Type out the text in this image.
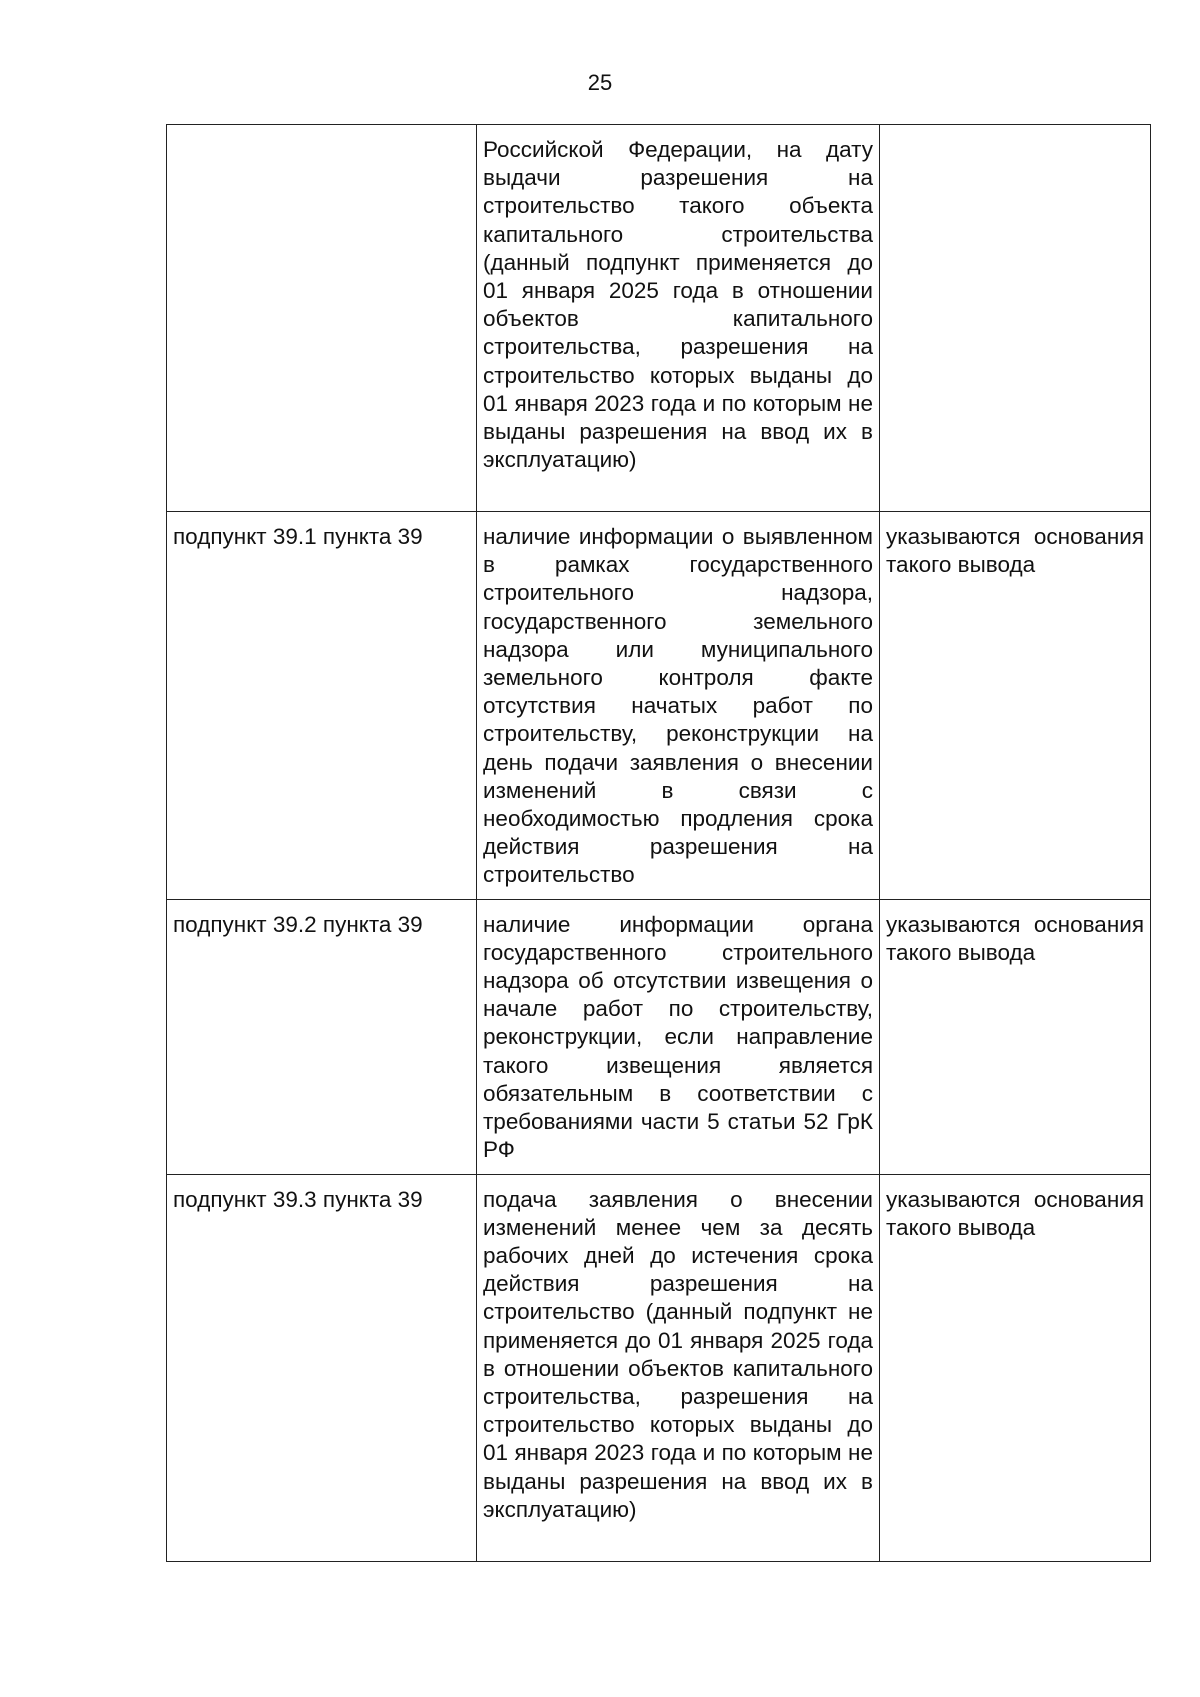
25
	Российской Федерации, на дату выдачи разрешения на строительство такого объекта капитального строительства (данный подпункт применяется до 01 января 2025 года в отношении объектов капитального строительства, разрешения на строительство которых выданы до 01 января 2023 года и по которым не выданы разрешения на ввод их в эксплуатацию)	
подпункт 39.1 пункта 39	наличие информации о выявленном в рамках государственного строительного надзора, государственного земельного надзора или муниципального земельного контроля факте отсутствия начатых работ по строительству, реконструкции на день подачи заявления о внесении изменений в связи с необходимостью продления срока действия разрешения на строительство	указываются основания такого вывода
подпункт 39.2 пункта 39	наличие информации органа государственного строительного надзора об отсутствии извещения о начале работ по строительству, реконструкции, если направление такого извещения является обязательным в соответствии с требованиями части 5 статьи 52 ГрК РФ	указываются основания такого вывода
подпункт 39.3 пункта 39	подача заявления о внесении изменений менее чем за десять рабочих дней до истечения срока действия разрешения на строительство (данный подпункт не применяется до 01 января 2025 года в отношении объектов капитального строительства, разрешения на строительство которых выданы до 01 января 2023 года и по которым не выданы разрешения на ввод их в эксплуатацию)	указываются основания такого вывода
